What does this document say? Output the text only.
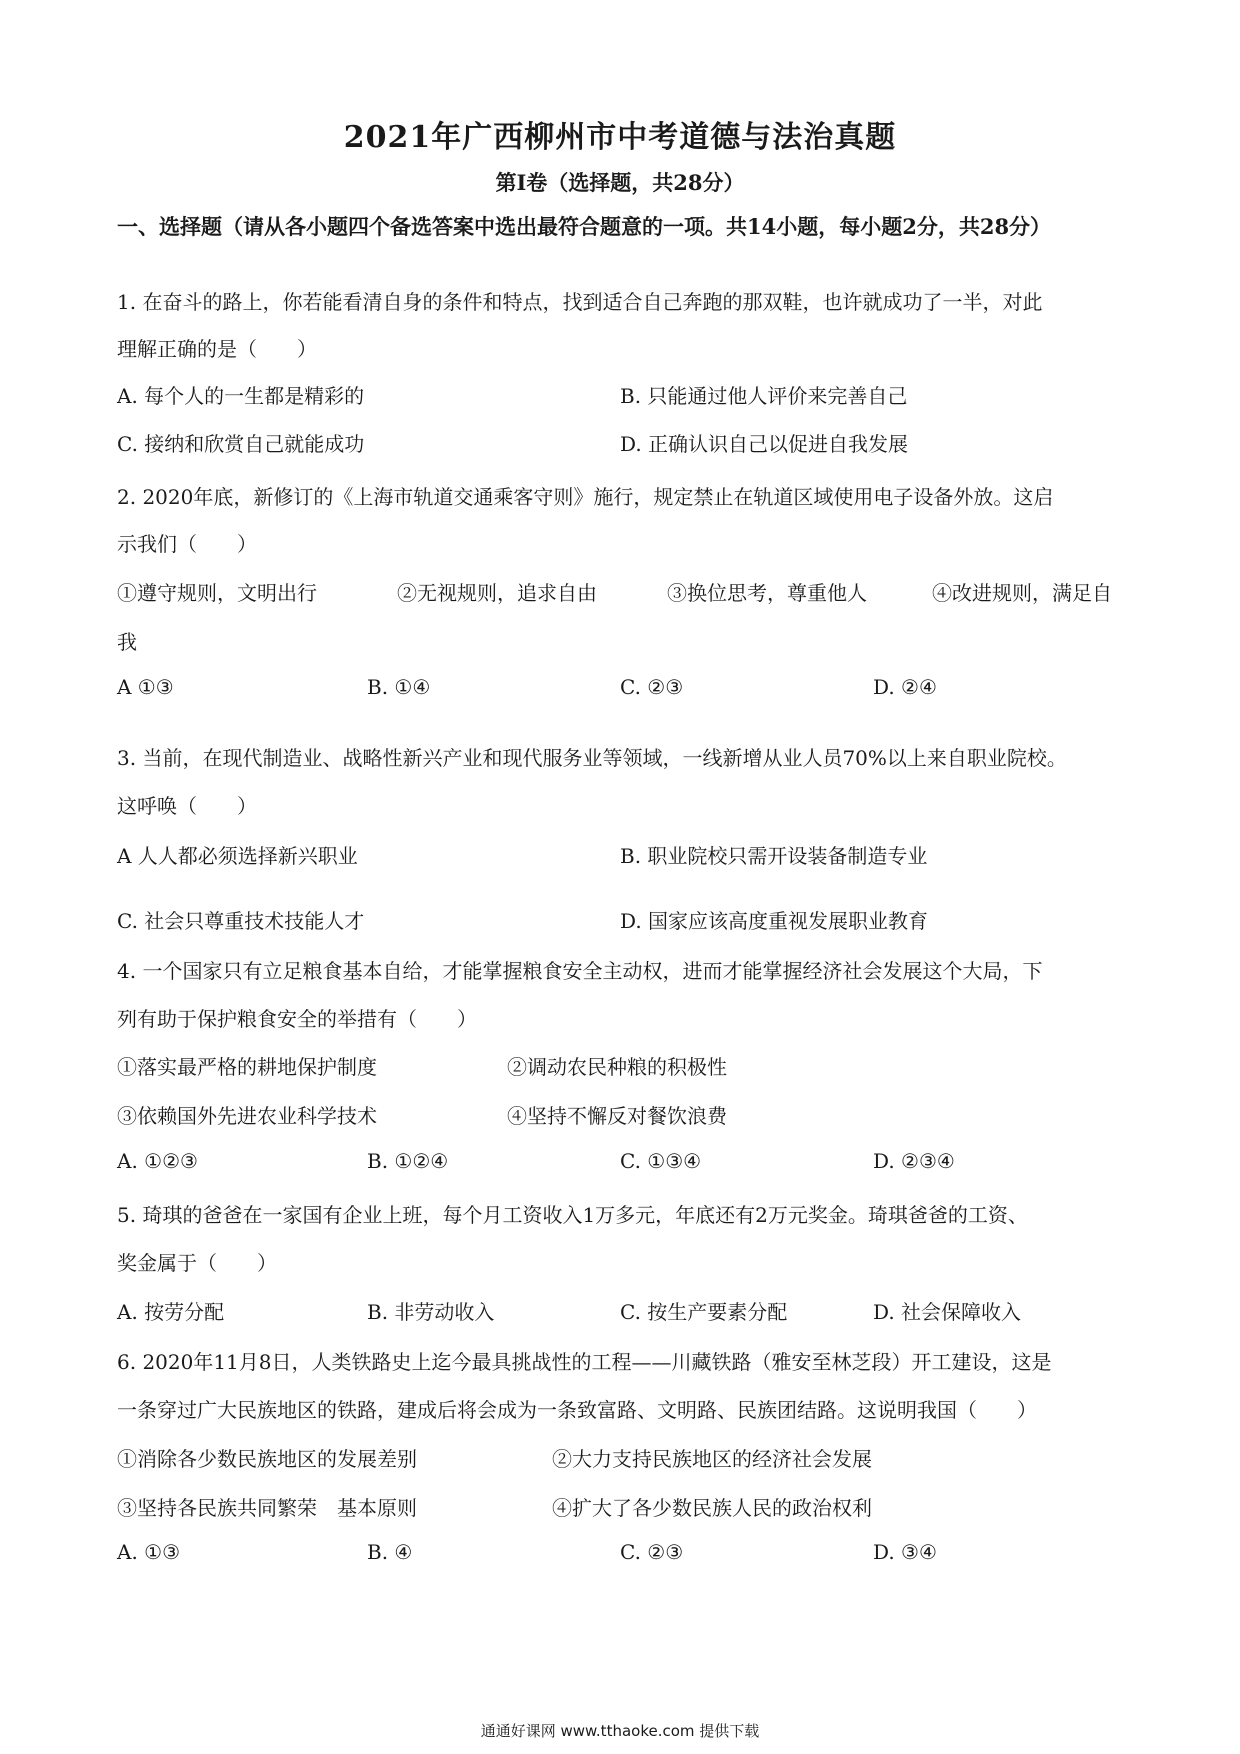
2021年广西柳州市中考道德与法治真题
第Ⅰ卷（选择题，共28分）
一、选择题（请从各小题四个备选答案中选出最符合题意的一项。共14小题，每小题2分，共28分）
1. 在奋斗的路上，你若能看清自身的条件和特点，找到适合自己奔跑的那双鞋，也许就成功了一半，对此
理解正确的是（　　）
A. 每个人的一生都是精彩的	B. 只能通过他人评价来完善自己
C. 接纳和欣赏自己就能成功	D. 正确认识自己以促进自我发展
2. 2020年底，新修订的《上海市轨道交通乘客守则》施行，规定禁止在轨道区域使用电子设备外放。这启
示我们（　　）
①遵守规则，文明出行	②无视规则，追求自由	③换位思考，尊重他人	④改进规则，满足自
我
A ①③	B. ①④	C. ②③	D. ②④
3. 当前，在现代制造业、战略性新兴产业和现代服务业等领域，一线新增从业人员70%以上来自职业院校。
这呼唤（　　）
A 人人都必须选择新兴职业	B. 职业院校只需开设装备制造专业
C. 社会只尊重技术技能人才	D. 国家应该高度重视发展职业教育
4. 一个国家只有立足粮食基本自给，才能掌握粮食安全主动权，进而才能掌握经济社会发展这个大局，下
列有助于保护粮食安全的举措有（　　）
①落实最严格的耕地保护制度	②调动农民种粮的积极性
③依赖国外先进农业科学技术	④坚持不懈反对餐饮浪费
A. ①②③	B. ①②④	C. ①③④	D. ②③④
5. 琦琪的爸爸在一家国有企业上班，每个月工资收入1万多元，年底还有2万元奖金。琦琪爸爸的工资、
奖金属于（　　）
A. 按劳分配	B. 非劳动收入	C. 按生产要素分配	D. 社会保障收入
6. 2020年11月8日，人类铁路史上迄今最具挑战性的工程——川藏铁路（雅安至林芝段）开工建设，这是
一条穿过广大民族地区的铁路，建成后将会成为一条致富路、文明路、民族团结路。这说明我国（　　）
①消除各少数民族地区的发展差别	②大力支持民族地区的经济社会发展
③坚持各民族共同繁荣　基本原则	④扩大了各少数民族人民的政治权利
A. ①③	B. ④	C. ②③	D. ③④
通通好课网 www.tthaoke.com 提供下载
